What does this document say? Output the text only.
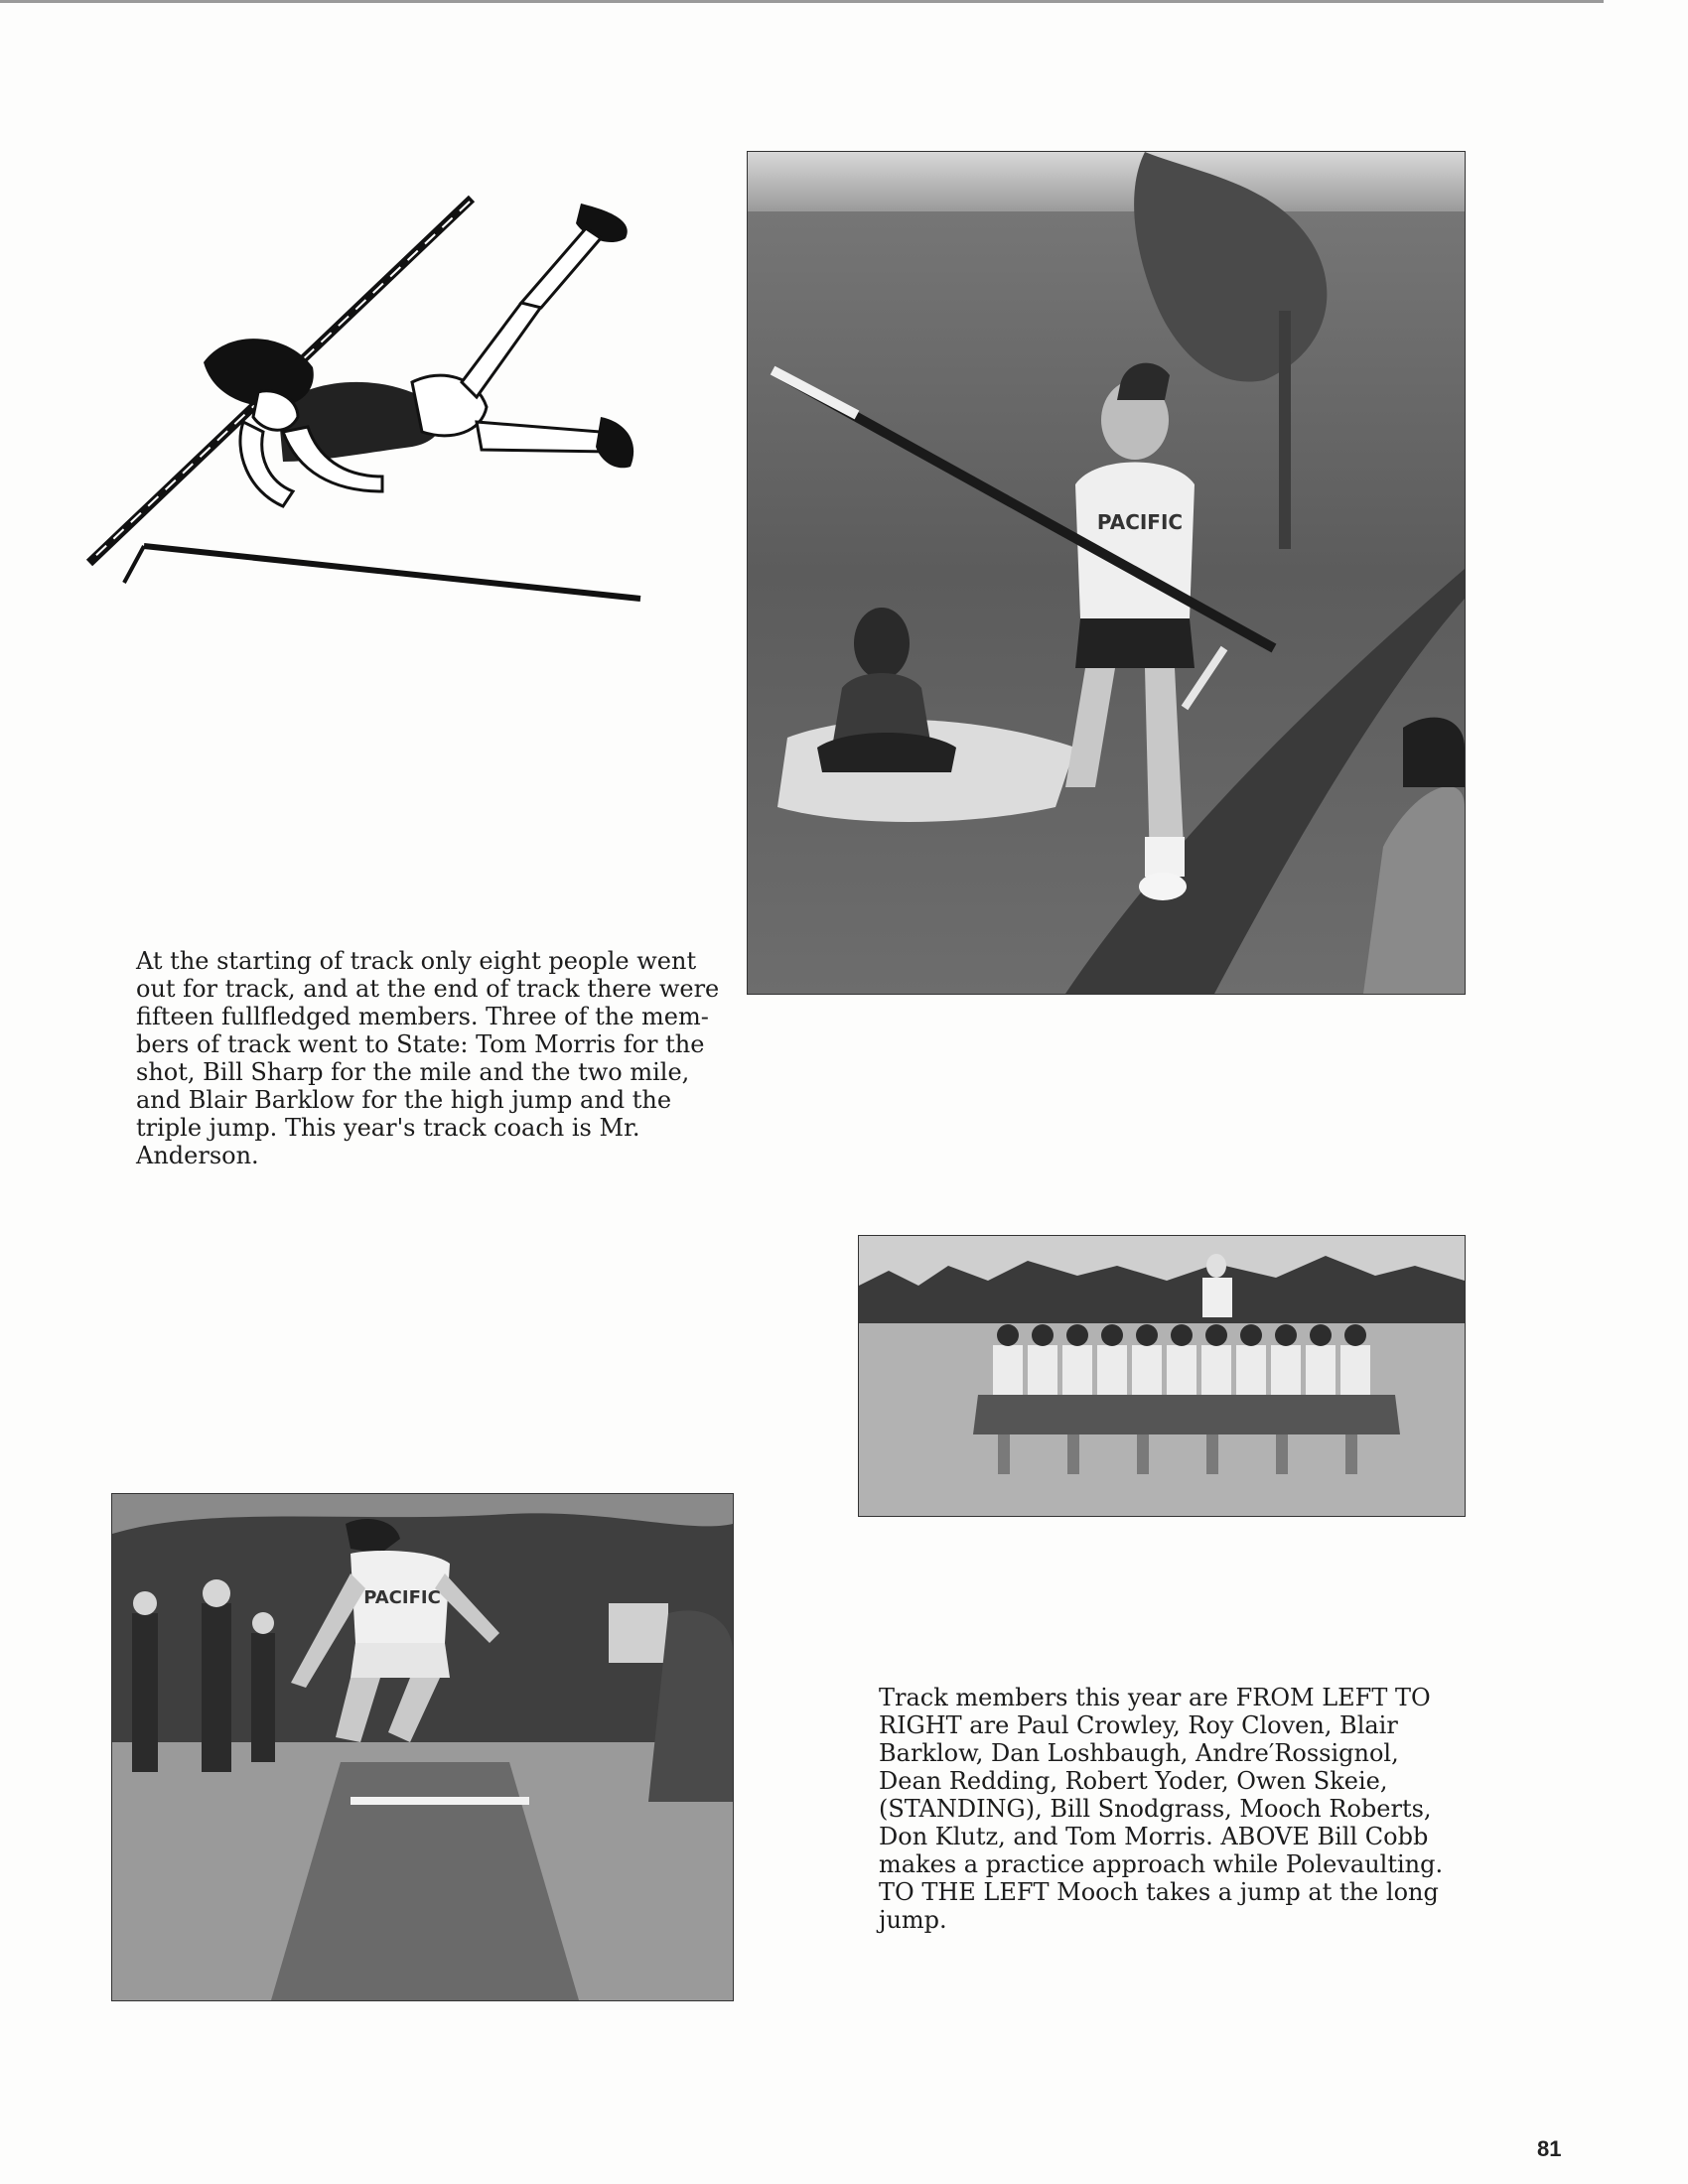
PACIFIC
At the starting of track only eight people went
out for track, and at the end of track there were
fifteen fullfledged members. Three of the mem-
bers of track went to State: Tom Morris for the
shot, Bill Sharp for the mile and the two mile,
and Blair Barklow for the high jump and the
triple jump. This year's track coach is Mr.
Anderson.
PACIFIC
Track members this year are FROM LEFT TO
RIGHT are Paul Crowley, Roy Cloven, Blair
Barklow, Dan Loshbaugh, Andre′Rossignol,
Dean Redding, Robert Yoder, Owen Skeie,
(STANDING), Bill Snodgrass, Mooch Roberts,
Don Klutz, and Tom Morris. ABOVE Bill Cobb
makes a practice approach while Polevaulting.
TO THE LEFT Mooch takes a jump at the long
jump.
81
